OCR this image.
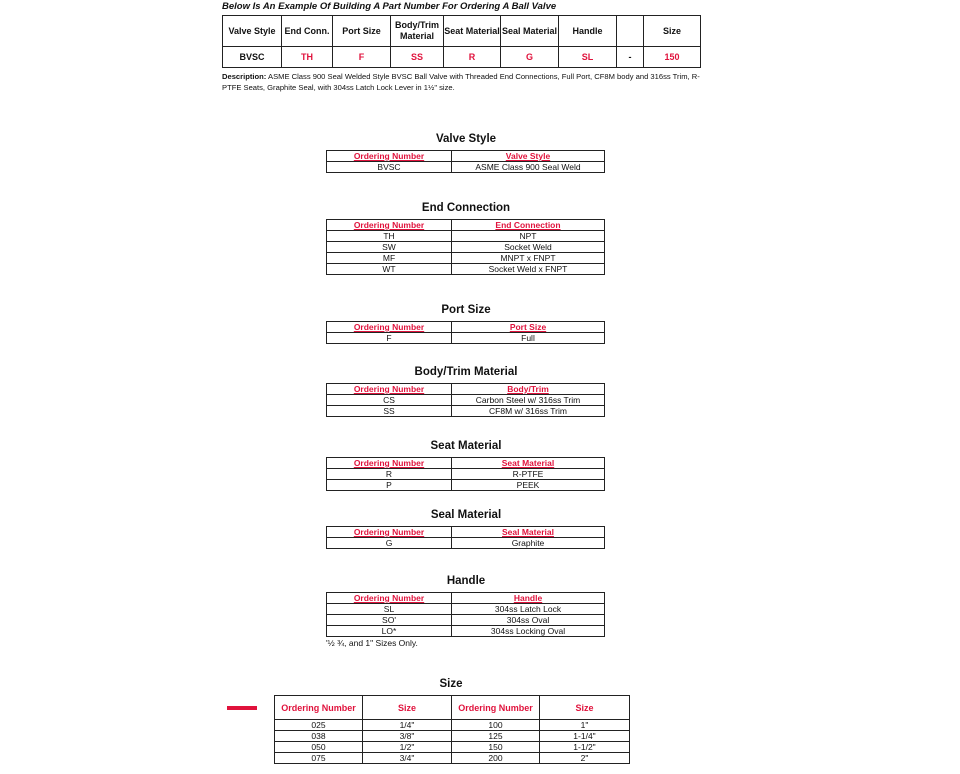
Below Is An Example Of Building A Part Number For Ordering A Ball Valve
Valve Style	End Conn.	Port Size	Body/Trim Material	Seat Material	Seal Material	Handle		Size
BVSC	TH	F	SS	R	G	SL	-	150
Description: ASME Class 900 Seal Welded Style BVSC Ball Valve with Threaded End Connections, Full Port, CF8M body and 316ss Trim, R-PTFE Seats, Graphite Seal, with 304ss Latch Lock Lever in 1½" size.
Valve Style
Ordering Number	Valve Style
BVSC	ASME Class 900 Seal Weld
End Connection
Ordering Number	End Connection
TH	NPT
SW	Socket Weld
MF	MNPT x FNPT
WT	Socket Weld x FNPT
Port Size
Ordering Number	Port Size
F	Full
Body/Trim Material
Ordering Number	Body/Trim
CS	Carbon Steel w/ 316ss Trim
SS	CF8M w/ 316ss Trim
Seat Material
Ordering Number	Seat Material
R	R-PTFE
P	PEEK
Seal Material
Ordering Number	Seal Material
G	Graphite
Handle
Ordering Number	Handle
SL	304ss Latch Lock
SO'	304ss Oval
LO*	304ss Locking Oval
'½ ¾, and 1" Sizes Only.
Size
Ordering Number	Size	Ordering Number	Size
025	1/4"	100	1"
038	3/8"	125	1-1/4"
050	1/2"	150	1-1/2"
075	3/4"	200	2"
